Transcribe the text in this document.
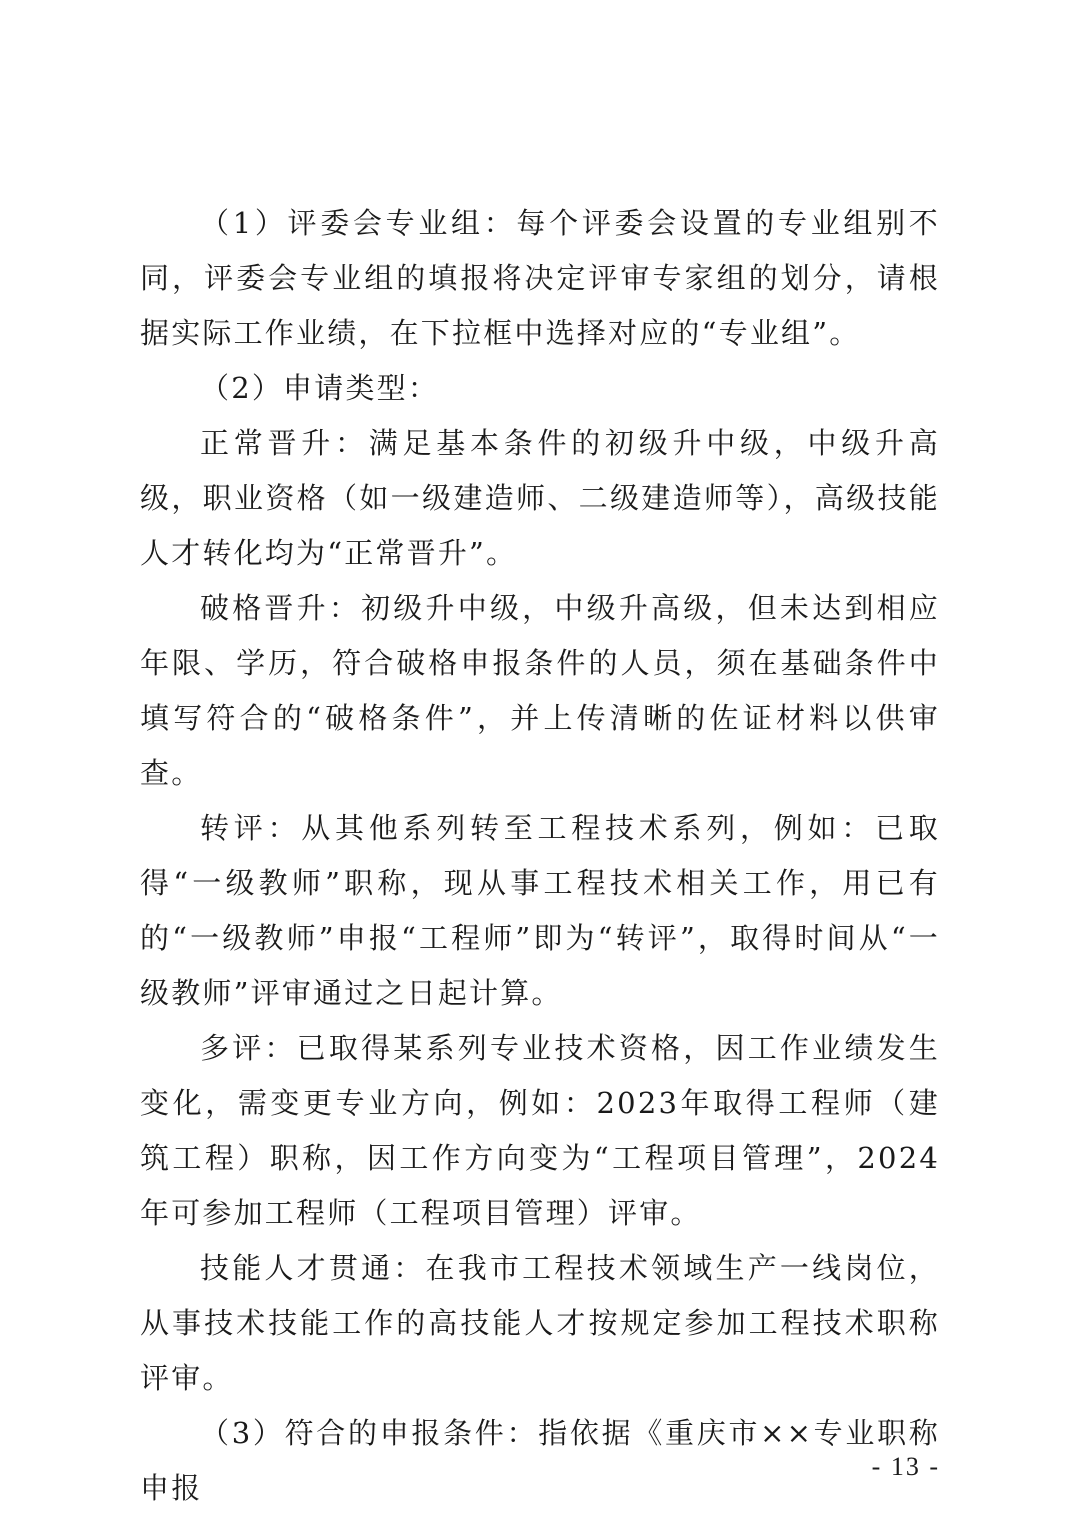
（1）评委会专业组：每个评委会设置的专业组别不同，评委会专业组的填报将决定评审专家组的划分，请根据实际工作业绩，在下拉框中选择对应的“专业组”。

（2）申请类型：

正常晋升：满足基本条件的初级升中级，中级升高级，职业资格（如一级建造师、二级建造师等），高级技能人才转化均为“正常晋升”。

破格晋升：初级升中级，中级升高级，但未达到相应年限、学历，符合破格申报条件的人员，须在基础条件中填写符合的“破格条件”，并上传清晰的佐证材料以供审查。

转评：从其他系列转至工程技术系列，例如：已取得“一级教师”职称，现从事工程技术相关工作，用已有的“一级教师”申报“工程师”即为“转评”，取得时间从“一级教师”评审通过之日起计算。

多评：已取得某系列专业技术资格，因工作业绩发生变化，需变更专业方向，例如：2023年取得工程师（建筑工程）职称，因工作方向变为“工程项目管理”，2024年可参加工程师（工程项目管理）评审。

技能人才贯通：在我市工程技术领域生产一线岗位，从事技术技能工作的高技能人才按规定参加工程技术职称评审。

（3）符合的申报条件：指依据《重庆市××专业职称申报

- 13 -
